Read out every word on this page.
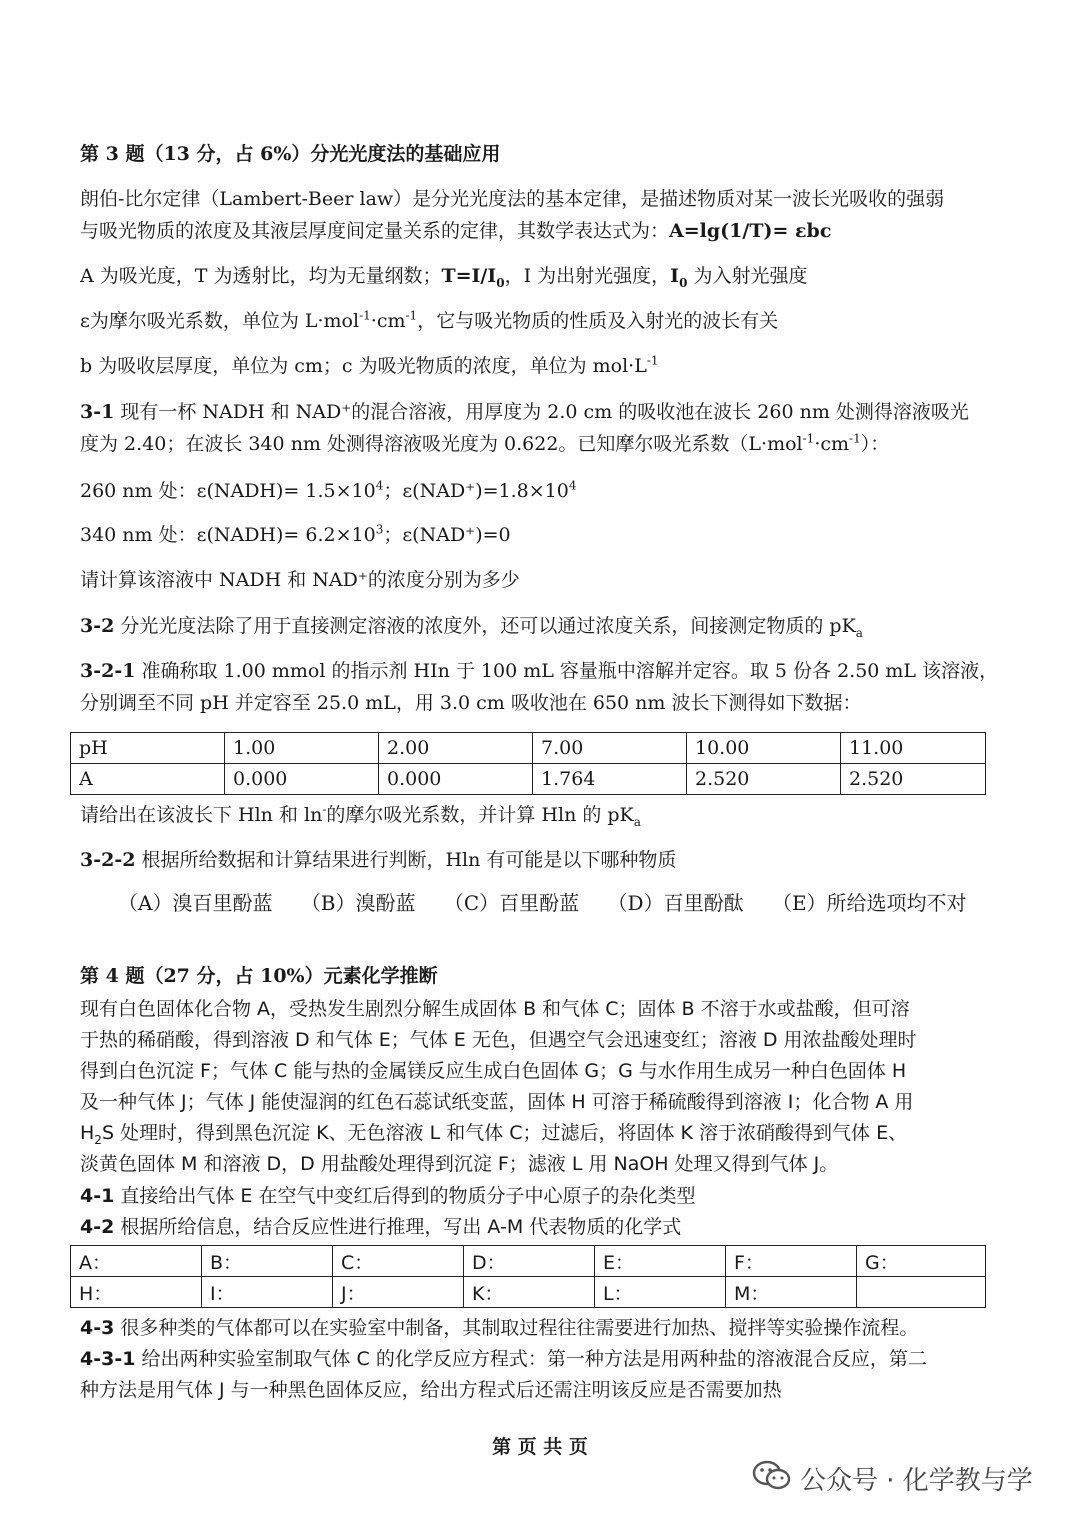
第 3 题（13 分，占 6%）分光光度法的基础应用
朗伯-比尔定律（Lambert-Beer law）是分光光度法的基本定律，是描述物质对某一波长光吸收的强弱
与吸光物质的浓度及其液层厚度间定量关系的定律，其数学表达式为：A=lg(1/T)= εbc
A 为吸光度，T 为透射比，均为无量纲数；$T=I/I_0$，I 为出射光强度，$I_0$ 为入射光强度
ε为摩尔吸光系数，单位为 $L\cdot mol^{-1}\cdot cm^{-1}$，它与吸光物质的性质及入射光的波长有关
b 为吸收层厚度，单位为 cm；c 为吸光物质的浓度，单位为 $mol\cdot L^{-1}$
3-1 现有一杯 NADH 和 NAD⁺的混合溶液，用厚度为 2.0 cm 的吸收池在波长 260 nm 处测得溶液吸光
度为 2.40；在波长 340 nm 处测得溶液吸光度为 0.622。已知摩尔吸光系数$(L\cdot mol^{-1}\cdot cm^{-1})$：
260 nm 处：ε(NADH)= $1.5\times 10^4$；$\varepsilon(NAD^+)=1.8\times 10^4$
340 nm 处：ε(NADH)= $6.2\times 10^3$；ε(NAD⁺)=0
请计算该溶液中 NADH 和 NAD⁺的浓度分别为多少
3-2 分光光度法除了用于直接测定溶液的浓度外，还可以通过浓度关系，间接测定物质的 $pK_a$
3-2-1 准确称取 1.00 mmol 的指示剂 HIn 于 100 mL 容量瓶中溶解并定容。取 5 份各 2.50 mL 该溶液，
分别调至不同 pH 并定容至 25.0 mL，用 3.0 cm 吸收池在 650 nm 波长下测得如下数据：
pH	1.00	2.00	7.00	10.00	11.00
A	0.000	0.000	1.764	2.520	2.520
请给出在该波长下 Hln 和 ln-的摩尔吸光系数，并计算 Hln 的 $pK_a$
3-2-2 根据所给数据和计算结果进行判断，Hln 有可能是以下哪种物质
（A）溴百里酚蓝 （B）溴酚蓝 （C）百里酚蓝 （D）百里酚酞 （E）所给选项均不对
第 4 题（27 分，占 10%）元素化学推断
现有白色固体化合物 A，受热发生剧烈分解生成固体 B 和气体 C；固体 B 不溶于水或盐酸，但可溶
于热的稀硝酸，得到溶液 D 和气体 E；气体 E 无色，但遇空气会迅速变红；溶液 D 用浓盐酸处理时
得到白色沉淀 F；气体 C 能与热的金属镁反应生成白色固体 G；G 与水作用生成另一种白色固体 H
及一种气体 J；气体 J 能使湿润的红色石蕊试纸变蓝，固体 H 可溶于稀硫酸得到溶液 I；化合物 A 用
$H_2S$ 处理时，得到黑色沉淀 K、无色溶液 L 和气体 C；过滤后，将固体 K 溶于浓硝酸得到气体 E、
淡黄色固体 M 和溶液 D，D 用盐酸处理得到沉淀 F；滤液 L 用 NaOH 处理又得到气体 J。
4-1 直接给出气体 E 在空气中变红后得到的物质分子中心原子的杂化类型
4-2 根据所给信息，结合反应性进行推理，写出 A-M 代表物质的化学式
A：	B：	C：	D：	E：	F：	G：
H：	I：	J：	K：	L：	M：	
4-3 很多种类的气体都可以在实验室中制备，其制取过程往往需要进行加热、搅拌等实验操作流程。
4-3-1 给出两种实验室制取气体 C 的化学反应方程式：第一种方法是用两种盐的溶液混合反应，第二
种方法是用气体 J 与一种黑色固体反应，给出方程式后还需注明该反应是否需要加热
第 页 共 页
公众号 · 化学教与学
